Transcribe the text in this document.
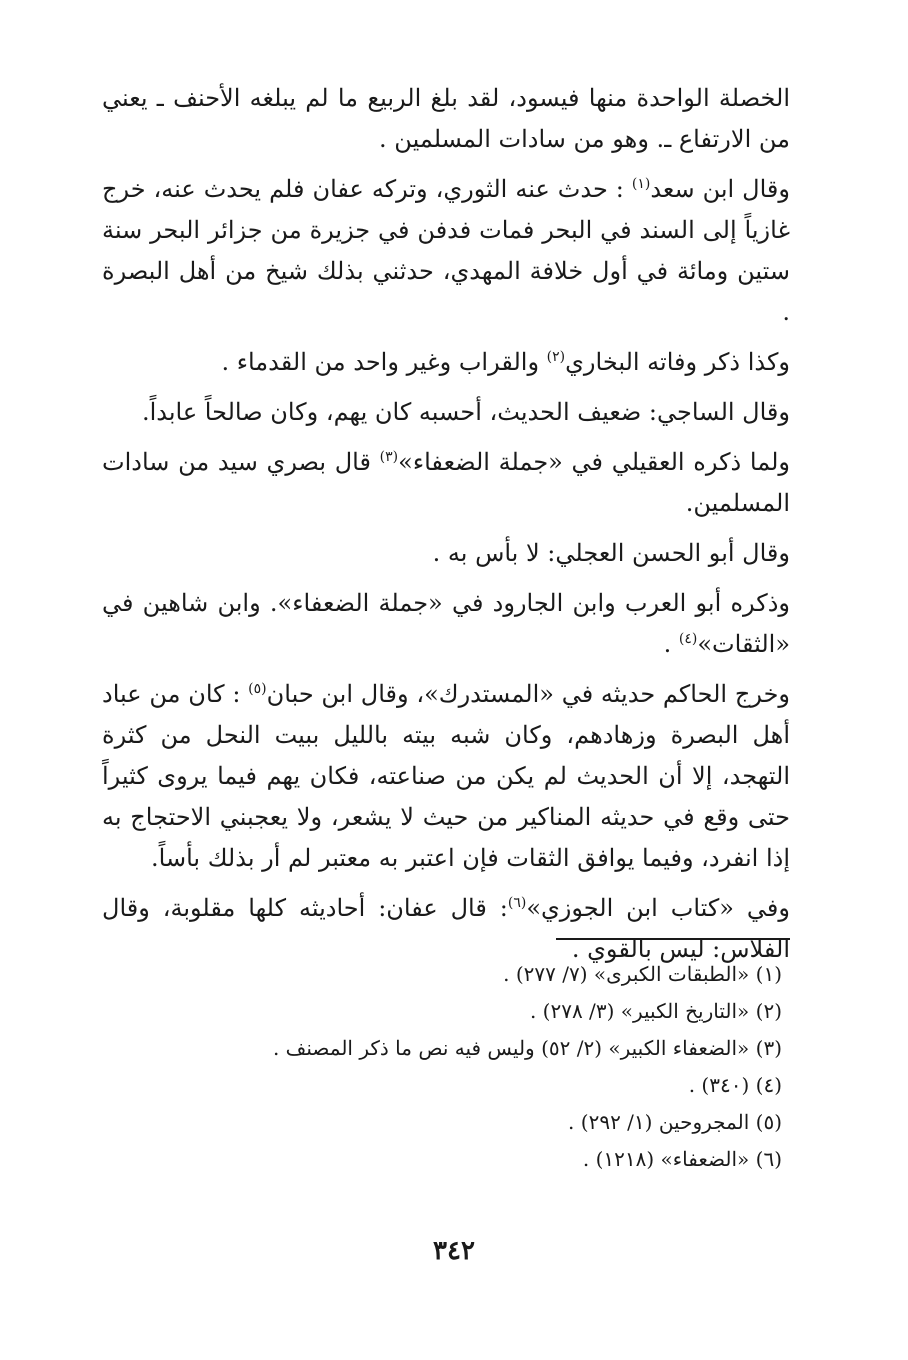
الخصلة الواحدة منها فيسود، لقد بلغ الربيع ما لم يبلغه الأحنف ـ يعني من الارتفاع ـ. وهو من سادات المسلمين .

وقال ابن سعد$^{(١)}$ : حدث عنه الثوري، وتركه عفان فلم يحدث عنه، خرج غازياً إلى السند في البحر فمات فدفن في جزيرة من جزائر البحر سنة ستين ومائة في أول خلافة المهدي، حدثني بذلك شيخ من أهل البصرة .

وكذا ذكر وفاته البخاري$^{(٢)}$ والقراب وغير واحد من القدماء .

وقال الساجي: ضعيف الحديث، أحسبه كان يهم، وكان صالحاً عابداً.

ولما ذكره العقيلي في «جملة الضعفاء»$^{(٣)}$ قال بصري سيد من سادات المسلمين.

وقال أبو الحسن العجلي: لا بأس به .

وذكره أبو العرب وابن الجارود في «جملة الضعفاء». وابن شاهين في «الثقات»$^{(٤)}$ .

وخرج الحاكم حديثه في «المستدرك»، وقال ابن حبان$^{(٥)}$ : كان من عباد أهل البصرة وزهادهم، وكان شبه بيته بالليل ببيت النحل من كثرة التهجد، إلا أن الحديث لم يكن من صناعته، فكان يهم فيما يروى كثيراً حتى وقع في حديثه المناكير من حيث لا يشعر، ولا يعجبني الاحتجاج به إذا انفرد، وفيما يوافق الثقات فإن اعتبر به معتبر لم أر بذلك بأساً.

وفي «كتاب ابن الجوزي»$^{(٦)}$: قال عفان: أحاديثه كلها مقلوبة، وقال الفلاس: ليس بالقوي .

(١) «الطبقات الكبرى» (٧/ ٢٧٧) .
(٢) «التاريخ الكبير» (٣/ ٢٧٨) .
(٣) «الضعفاء الكبير» (٢/ ٥٢) وليس فيه نص ما ذكر المصنف .
(٤) (٣٤٠) .
(٥) المجروحين (١/ ٢٩٢) .
(٦) «الضعفاء» (١٢١٨) .
٣٤٢
